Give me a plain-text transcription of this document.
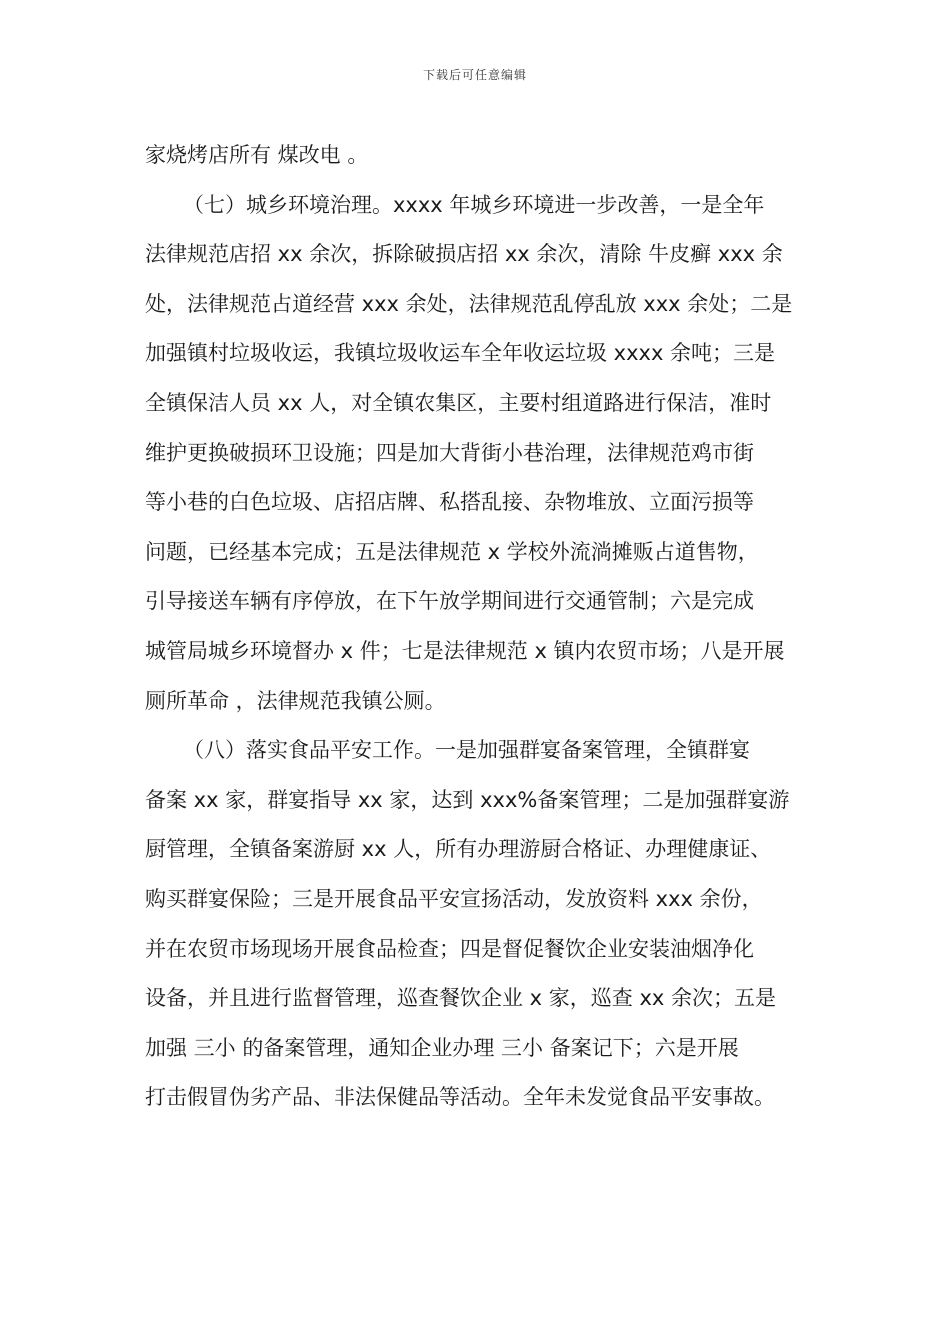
下载后可任意编辑
家烧烤店所有 煤改电 。
（七）城乡环境治理。xxxx 年城乡环境进一步改善，一是全年
法律规范店招 xx 余次，拆除破损店招 xx 余次，清除 牛皮癣 xxx 余
处，法律规范占道经营 xxx 余处，法律规范乱停乱放 xxx 余处；二是
加强镇村垃圾收运，我镇垃圾收运车全年收运垃圾 xxxx 余吨；三是
全镇保洁人员 xx 人，对全镇农集区，主要村组道路进行保洁，准时
维护更换破损环卫设施；四是加大背街小巷治理，法律规范鸡市街
等小巷的白色垃圾、店招店牌、私搭乱接、杂物堆放、立面污损等
问题，已经基本完成；五是法律规范 x 学校外流淌摊贩占道售物，
引导接送车辆有序停放，在下午放学期间进行交通管制；六是完成
城管局城乡环境督办 x 件；七是法律规范 x 镇内农贸市场；八是开展
厕所革命 ，法律规范我镇公厕。
（八）落实食品平安工作。一是加强群宴备案管理，全镇群宴
备案 xx 家，群宴指导 xx 家，达到 xxx%备案管理；二是加强群宴游
厨管理，全镇备案游厨 xx 人，所有办理游厨合格证、办理健康证、
购买群宴保险；三是开展食品平安宣扬活动，发放资料 xxx 余份，
并在农贸市场现场开展食品检查；四是督促餐饮企业安装油烟净化
设备，并且进行监督管理，巡查餐饮企业 x 家，巡查 xx 余次；五是
加强 三小 的备案管理，通知企业办理 三小 备案记下；六是开展
打击假冒伪劣产品、非法保健品等活动。全年未发觉食品平安事故。
